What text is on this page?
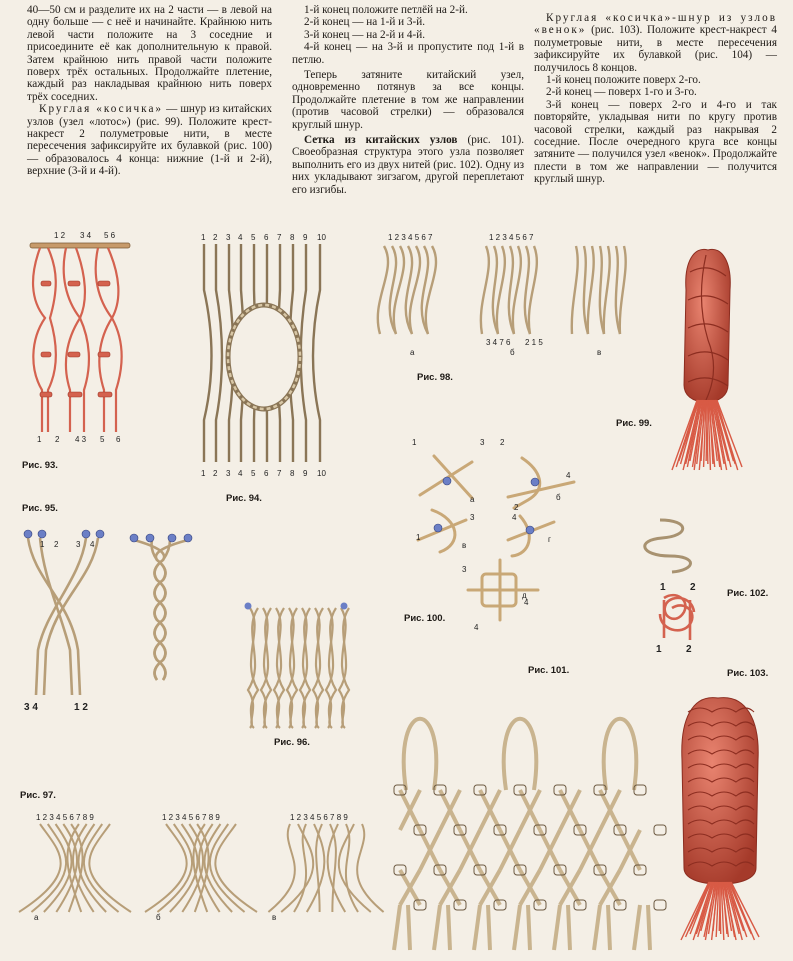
40—50 см и разделите их на 2 части — в левой на одну больше — с неё и начинайте. Крайнюю нить левой части положите на 3 соседние и присоедините её как дополнительную к правой. Затем крайнюю нить правой части положите поверх трёх остальных. Продолжайте плетение, каждый раз накладывая крайнюю нить поверх трёх соседних.

Круглая «косичка» — шнур из китайских узлов (узел «лотос») (рис. 99). Положите крест-накрест 2 полуметровые нити, в месте пересечения зафиксируйте их булавкой (рис. 100) — образовалось 4 конца: нижние (1-й и 2-й), верхние (3-й и 4-й).

1-й конец положите петлёй на 2-й.

2-й конец — на 1-й и 3-й.

3-й конец — на 2-й и 4-й.

4-й конец — на 3-й и пропустите под 1-й в петлю.

Теперь затяните китайский узел, одновременно потянув за все концы. Продолжайте плетение в том же направлении (против часовой стрелки) — образовался круглый шнур.

Сетка из китайских узлов (рис. 101). Своеобразная структура этого узла позволяет выполнить его из двух нитей (рис. 102). Одну из них укладывают зигзагом, другой переплетают его изгибы.

Круглая «косичка»-шнур из узлов «венок» (рис. 103). Положите крест-накрест 4 полуметровые нити, в месте пересечения зафиксируйте их булавкой (рис. 104) — получилось 8 концов.

1-й конец положите поверх 2-го.

2-й конец — поверх 1-го и 3-го.

3-й конец — поверх 2-го и 4-го и так повторяйте, укладывая нити по кругу против часовой стрелки, каждый раз накрывая 2 соседние. После очередного круга все концы затяните — получился узел «венок». Продолжайте плести в том же направлении — получится круглый шнур.

1 2 3 4 5 6
1 2 4 3 5 6
1
1
2
2
3
3
4
4
5
5
6
6
7
7
8
8
9
9
10
10
1 2 3 4
3 4	1 2
1 2 3 4 5 6 7	1 2 3 4 5 6 7
3 4 7 6 2 1 5
а	б	в
1	3 2
4
1
3	4
3
4
4
2
а	б
в
г
д
1 2
1 2
1 2 3 4 5 6 7 8 9	1 2 3 4 5 6 7 8 9	1 2 3 4 5 6 7 8 9
а	б	в
Рис. 93.
Рис. 94.
Рис. 95.
Рис. 96.
Рис. 97.
Рис. 98.
Рис. 99.
Рис. 100.
Рис. 101.
Рис. 102.
Рис. 103.
